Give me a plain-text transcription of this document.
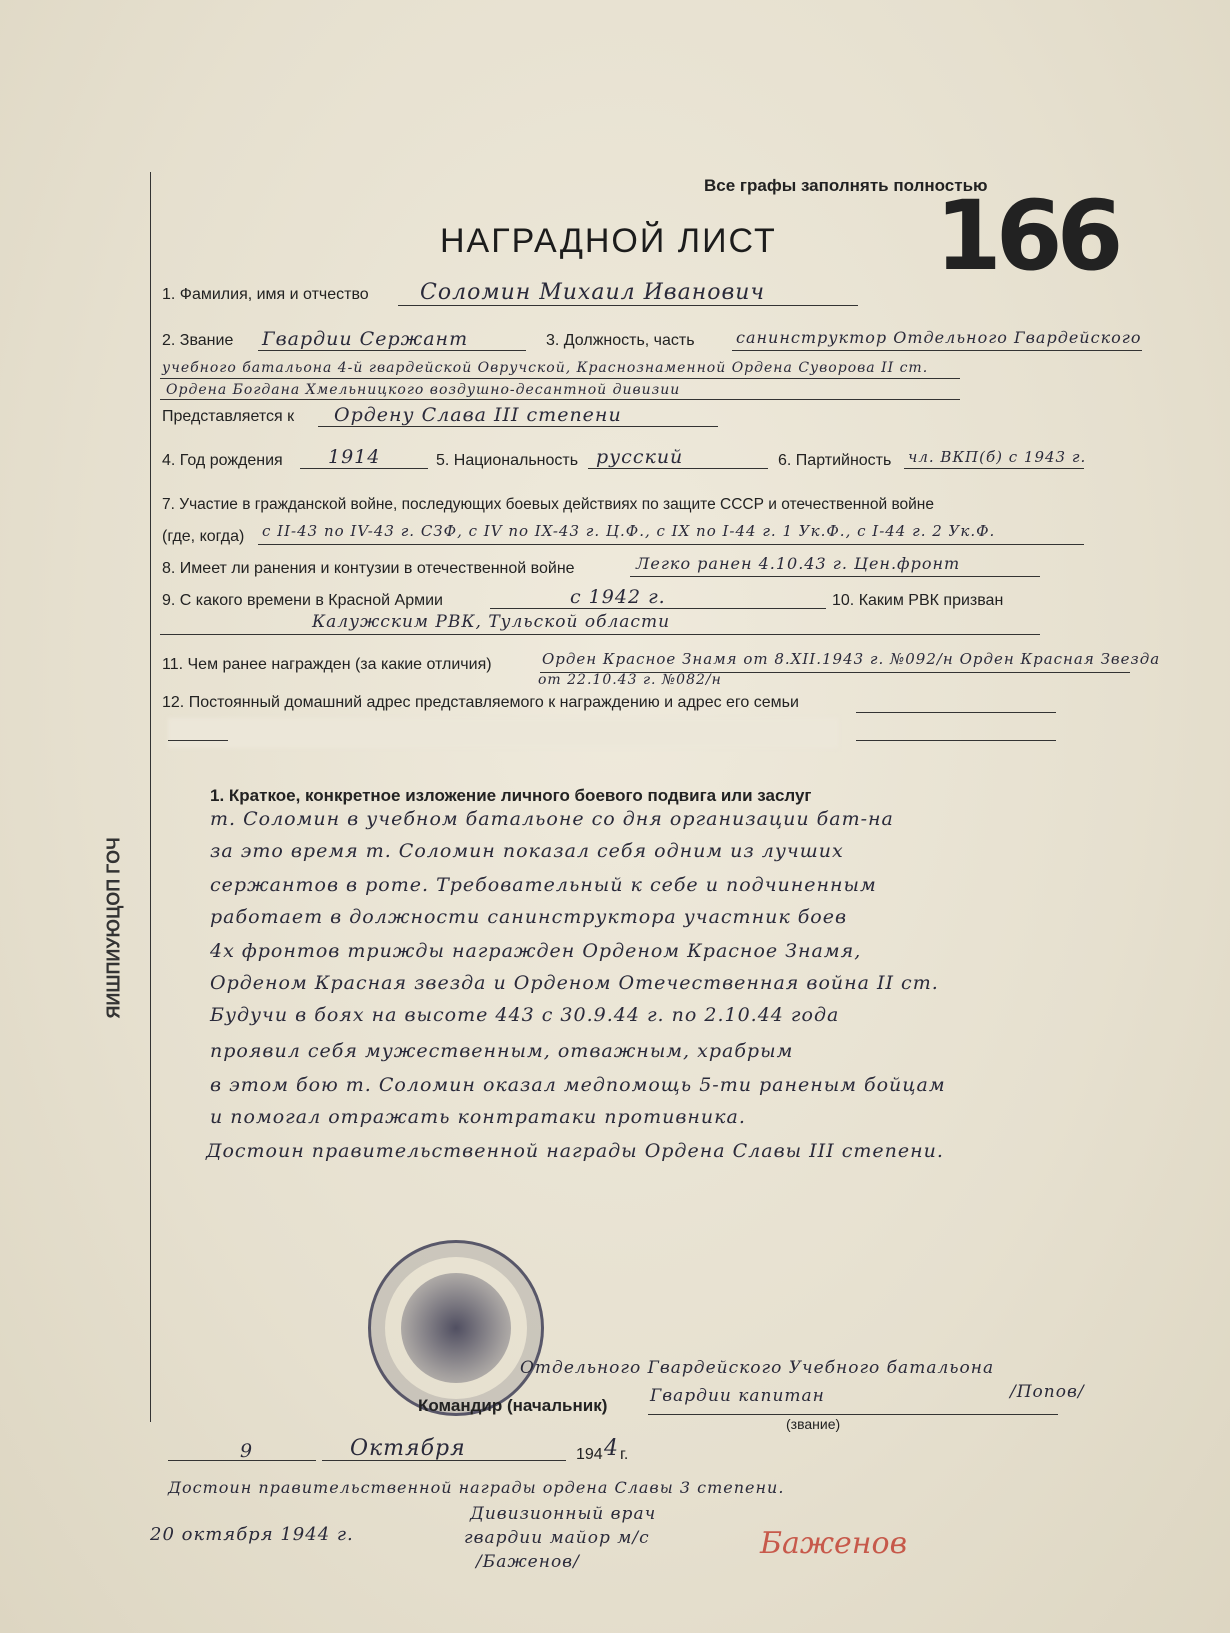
ЯИШПИУЮЦОП ГОЧ
Все графы заполнять полностью
166
НАГРАДНОЙ ЛИСТ
1. Фамилия, имя и отчество Соломин Михаил Иванович
2. Звание Гвардии Сержант	3. Должность, часть	санинструктор Отдельного Гвардейского
учебного батальона 4-й гвардейской Овручской, Краснознаменной Ордена Суворова II ст.
Ордена Богдана Хмельницкого воздушно-десантной дивизии
Представляется к Ордену Слава III степени
4. Год рождения 1914	5. Национальность русский	6. Партийность чл. ВКП(б) с 1943 г.
7. Участие в гражданской войне, последующих боевых действиях по защите СССР и отечественной войне
(где, когда) с II-43 по IV-43 г. СЗФ, с IV по IX-43 г. Ц.Ф., с IX по I-44 г. 1 Ук.Ф., с I-44 г. 2 Ук.Ф.
8. Имеет ли ранения и контузии в отечественной войне	Легко ранен 4.10.43 г. Цен.фронт
9. С какого времени в Красной Армии	с 1942 г.	10. Каким РВК призван
Калужским РВК, Тульской области
11. Чем ранее награжден (за какие отличия)	Орден Красное Знамя от 8.XII.1943 г. №092/н Орден Красная Звезда
от 22.10.43 г. №082/н
12. Постоянный домашний адрес представляемого к награждению и адрес его семьи
1. Краткое, конкретное изложение личного боевого подвига или заслуг
т. Соломин в учебном батальоне со дня организации бат-на
за это время т. Соломин показал себя одним из лучших
сержантов в роте. Требовательный к себе и подчиненным
работает в должности санинструктора участник боев
4х фронтов трижды награжден Орденом Красное Знамя,
Орденом Красная звезда и Орденом Отечественная война II ст.
Будучи в боях на высоте 443 с 30.9.44 г. по 2.10.44 года
проявил себя мужественным, отважным, храбрым
в этом бою т. Соломин оказал медпомощь 5-ти раненым бойцам
и помогал отражать контратаки противника.
Достоин правительственной награды Ордена Славы III степени.
Отдельного Гвардейского Учебного батальона
Гвардии капитан	/Попов/
Командир (начальник)
(звание)
9	Октября	194 4 г.
Достоин правительственной награды ордена Славы 3 степени.
Дивизионный врач
гвардии майор м/с
/Баженов/
20 октября 1944 г.	Баженов
